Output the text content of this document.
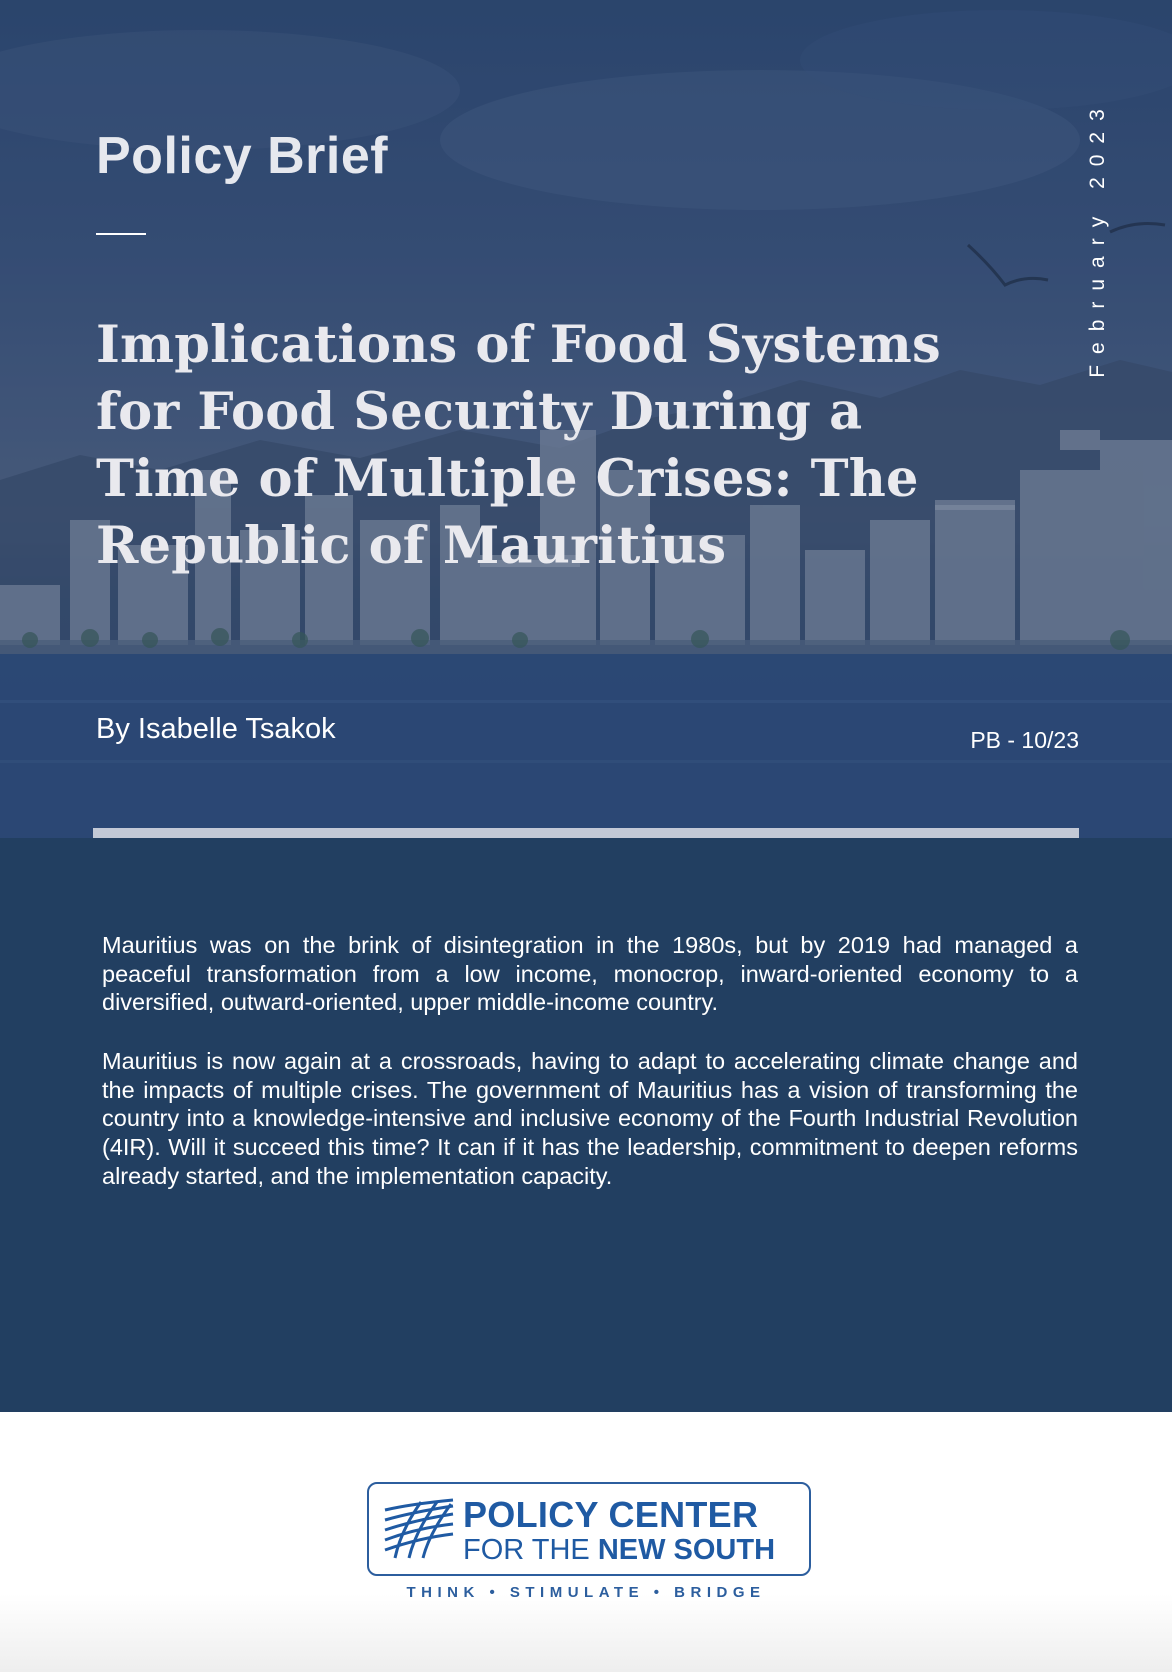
Policy Brief
Implications of Food Systems for Food Security During a Time of Multiple Crises: The Republic of Mauritius
February 2023
By Isabelle Tsakok	PB - 10/23

Mauritius was on the brink of disintegration in the 1980s, but by 2019 had managed a peaceful transformation from a low income, monocrop, inward-oriented economy to a diversified, outward-oriented, upper middle-income country.

Mauritius is now again at a crossroads, having to adapt to accelerating climate change and the impacts of multiple crises. The government of Mauritius has a vision of transforming the country into a knowledge-intensive and inclusive economy of the Fourth Industrial Revolution (4IR). Will it succeed this time? It can if it has the leadership, commitment to deepen reforms already started, and the implementation capacity.

POLICY CENTER
FOR THE NEW SOUTH
THINK • STIMULATE • BRIDGE
